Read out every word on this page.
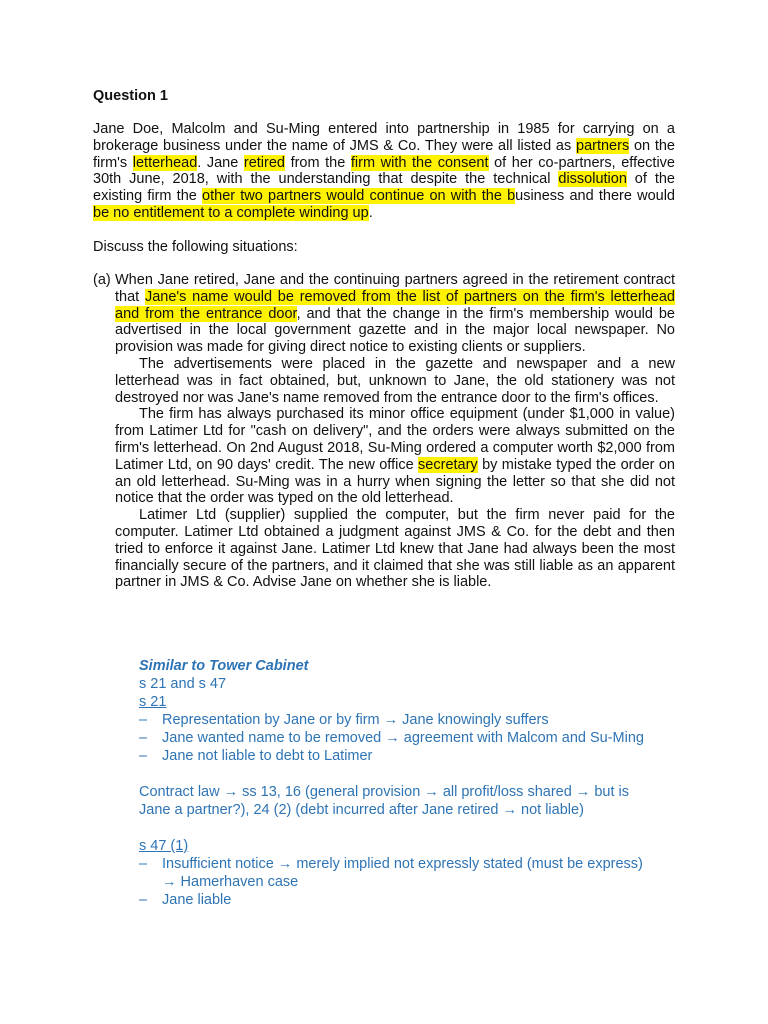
Question 1

Jane Doe, Malcolm and Su-Ming entered into partnership in 1985 for carrying on a brokerage business under the name of JMS & Co. They were all listed as partners on the firm's letterhead. Jane retired from the firm with the consent of her co-partners, effective 30th June, 2018, with the understanding that despite the technical dissolution of the existing firm the other two partners would continue on with the business and there would be no entitlement to a complete winding up.

Discuss the following situations:

(a) When Jane retired, Jane and the continuing partners agreed in the retirement contract that Jane's name would be removed from the list of partners on the firm's letterhead and from the entrance door, and that the change in the firm's membership would be advertised in the local government gazette and in the major local newspaper. No provision was made for giving direct notice to existing clients or suppliers.

The advertisements were placed in the gazette and newspaper and a new letterhead was in fact obtained, but, unknown to Jane, the old stationery was not destroyed nor was Jane's name removed from the entrance door to the firm's offices.

The firm has always purchased its minor office equipment (under $1,000 in value) from Latimer Ltd for "cash on delivery", and the orders were always submitted on the firm's letterhead. On 2nd August 2018, Su-Ming ordered a computer worth $2,000 from Latimer Ltd, on 90 days' credit. The new office secretary by mistake typed the order on an old letterhead. Su-Ming was in a hurry when signing the letter so that she did not notice that the order was typed on the old letterhead.

Latimer Ltd (supplier) supplied the computer, but the firm never paid for the computer. Latimer Ltd obtained a judgment against JMS & Co. for the debt and then tried to enforce it against Jane. Latimer Ltd knew that Jane had always been the most financially secure of the partners, and it claimed that she was still liable as an apparent partner in JMS & Co. Advise Jane on whether she is liable.

Similar to Tower Cabinet

s 21 and s 47

s 21

– Representation by Jane or by firm → Jane knowingly suffers

– Jane wanted name to be removed → agreement with Malcom and Su-Ming

– Jane not liable to debt to Latimer

Contract law → ss 13, 16 (general provision → all profit/loss shared → but is

Jane a partner?), 24 (2) (debt incurred after Jane retired → not liable)

s 47 (1)

– Insufficient notice → merely implied not expressly stated (must be express)

→ Hamerhaven case

– Jane liable
